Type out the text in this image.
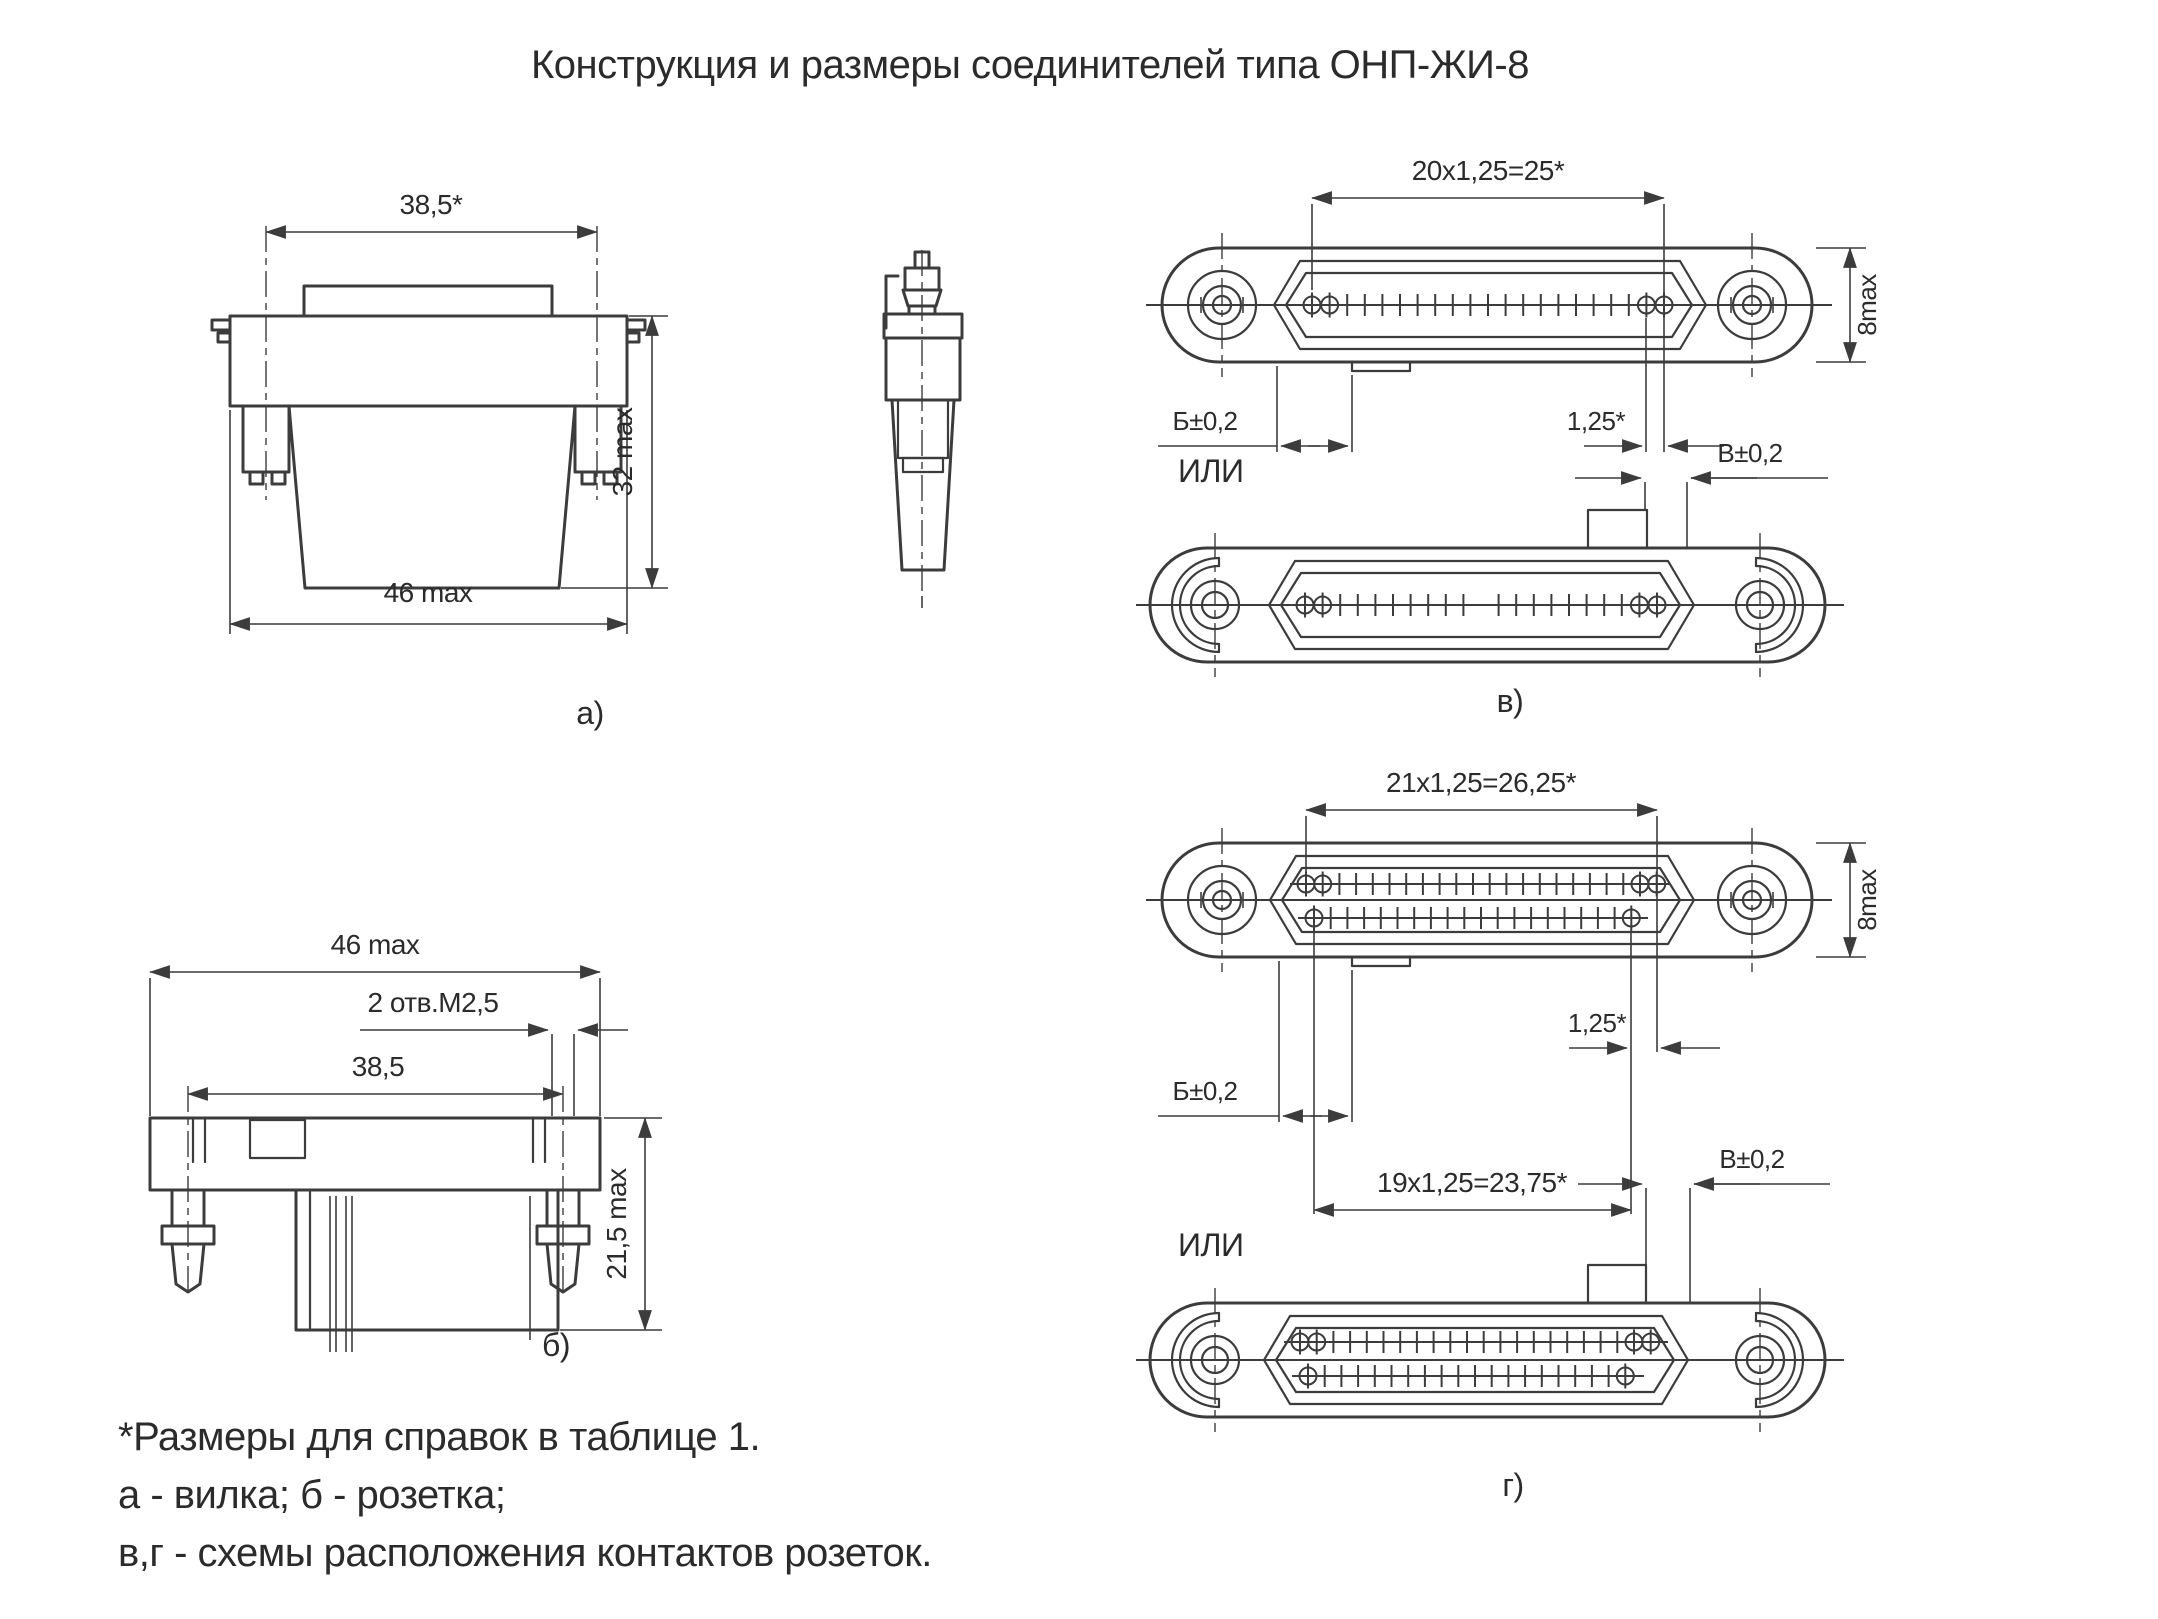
Конструкция и размеры соединителей типа ОНП-ЖИ-8
38,5*
46 max
32 max
а)
20x1,25=25*
8max
Б±0,2	1,25*
ИЛИ	В±0,2
в)
46 max
2 отв.М2,5
38,5
21,5 max
б)
21x1,25=26,25*
8max
Б±0,2
1,25*
19x1,25=23,75*
ИЛИ
В±0,2
г)
*Размеры для справок в таблице 1.
а - вилка; б - розетка;
в,г - схемы расположения контактов розеток.
